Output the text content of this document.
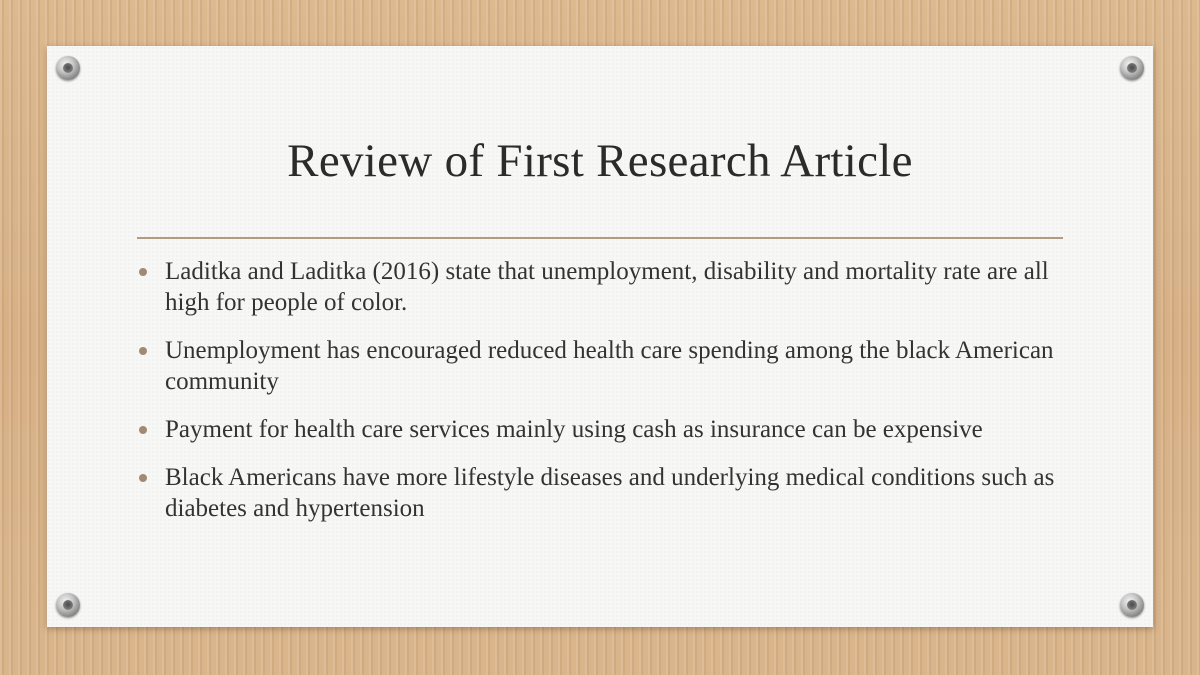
Review of First Research Article
Laditka and Laditka (2016) state that unemployment, disability and mortality rate are all high for people of color.
Unemployment has encouraged reduced health care spending among the black American community
Payment for health care services mainly using cash as insurance can be expensive
Black Americans have more lifestyle diseases and underlying medical conditions such as diabetes and hypertension
